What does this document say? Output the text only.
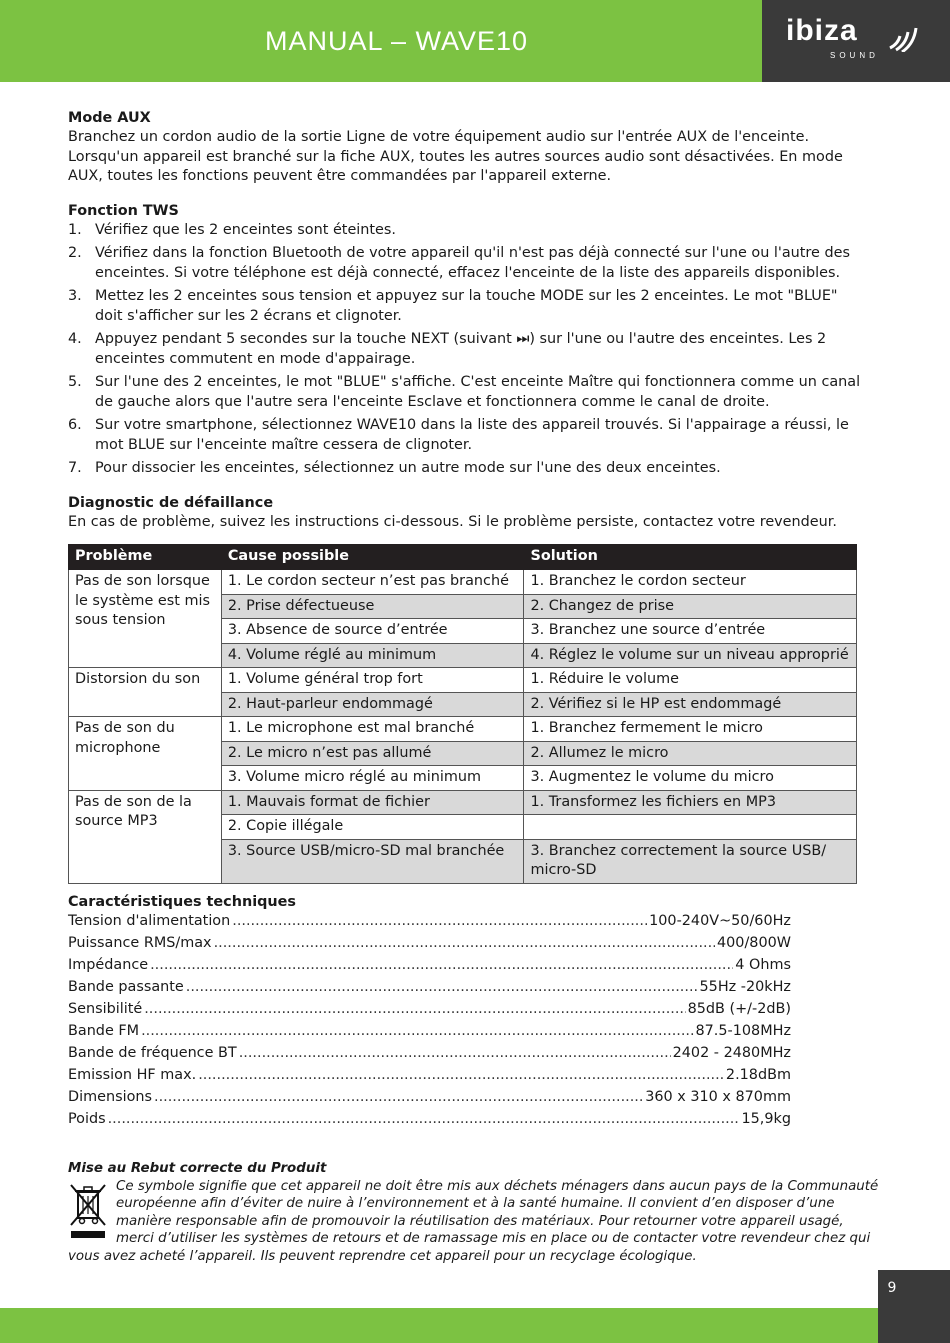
MANUAL – WAVE10	ibiza
SOUND
Mode AUX

Branchez un cordon audio de la sortie Ligne de votre équipement audio sur l'entrée AUX de l'enceinte. Lorsqu'un appareil est branché sur la fiche AUX, toutes les autres sources audio sont désactivées. En mode AUX, toutes les fonctions peuvent être commandées par l'appareil externe.

Fonction TWS
1. Vérifiez que les 2 enceintes sont éteintes.
2. Vérifiez dans la fonction Bluetooth de votre appareil qu'il n'est pas déjà connecté sur l'une ou l'autre des enceintes. Si votre téléphone est déjà connecté, effacez l'enceinte de la liste des appareils disponibles.
3. Mettez les 2 enceintes sous tension et appuyez sur la touche MODE sur les 2 enceintes. Le mot "BLUE" doit s'afficher sur les 2 écrans et clignoter.
4. Appuyez pendant 5 secondes sur la touche NEXT (suivant ⏭) sur l'une ou l'autre des enceintes. Les 2 enceintes commutent en mode d'appairage.
5. Sur l'une des 2 enceintes, le mot "BLUE" s'affiche. C'est enceinte Maître qui fonctionnera comme un canal de gauche alors que l'autre sera l'enceinte Esclave et fonctionnera comme le canal de droite.
6. Sur votre smartphone, sélectionnez WAVE10 dans la liste des appareil trouvés. Si l'appairage a réussi, le mot BLUE sur l'enceinte maître cessera de clignoter.
7. Pour dissocier les enceintes, sélectionnez un autre mode sur l'une des deux enceintes.
Diagnostic de défaillance

En cas de problème, suivez les instructions ci-dessous. Si le problème persiste, contactez votre revendeur.

Problème	Cause possible	Solution
Pas de son lorsque le système est mis sous tension	1. Le cordon secteur n’est pas branché	1. Branchez le cordon secteur
	2. Prise défectueuse	2. Changez de prise
	3. Absence de source d’entrée	3. Branchez une source d’entrée
	4. Volume réglé au minimum	4. Réglez le volume sur un niveau approprié
Distorsion du son	1. Volume général trop fort	1. Réduire le volume
	2. Haut-parleur endommagé	2. Vérifiez si le HP est endommagé
Pas de son du microphone	1. Le microphone est mal branché	1. Branchez fermement le micro
	2. Le micro n’est pas allumé	2. Allumez le micro
	3. Volume micro réglé au minimum	3. Augmentez le volume du micro
Pas de son de la source MP3	1. Mauvais format de fichier	1. Transformez les fichiers en MP3
	2. Copie illégale	
	3. Source USB/micro-SD mal branchée	3. Branchez correctement la source USB/ micro-SD
Caractéristiques techniques
Tension d'alimentation .....	100-240V~50/60Hz
Puissance RMS/max .....	400/800W
Impédance .....	4 Ohms
Bande passante .....	55Hz -20kHz
Sensibilité .....	85dB (+/-2dB)
Bande FM .....	87.5-108MHz
Bande de fréquence BT .....	2402 - 2480MHz
Emission HF max. .....	2.18dBm
Dimensions .....	360 x 310 x 870mm
Poids .....	15,9kg
Mise au Rebut correcte du Produit
Ce symbole signifie que cet appareil ne doit être mis aux déchets ménagers dans aucun pays de la Communauté européenne afin d’éviter de nuire à l’environnement et à la santé humaine. Il convient d’en disposer d’une manière responsable afin de promouvoir la réutilisation des matériaux. Pour retourner votre appareil usagé, merci d’utiliser les systèmes de retours et de ramassage mis en place ou de contacter votre revendeur chez qui vous avez acheté l’appareil. Ils peuvent reprendre cet appareil pour un recyclage écologique.
9
